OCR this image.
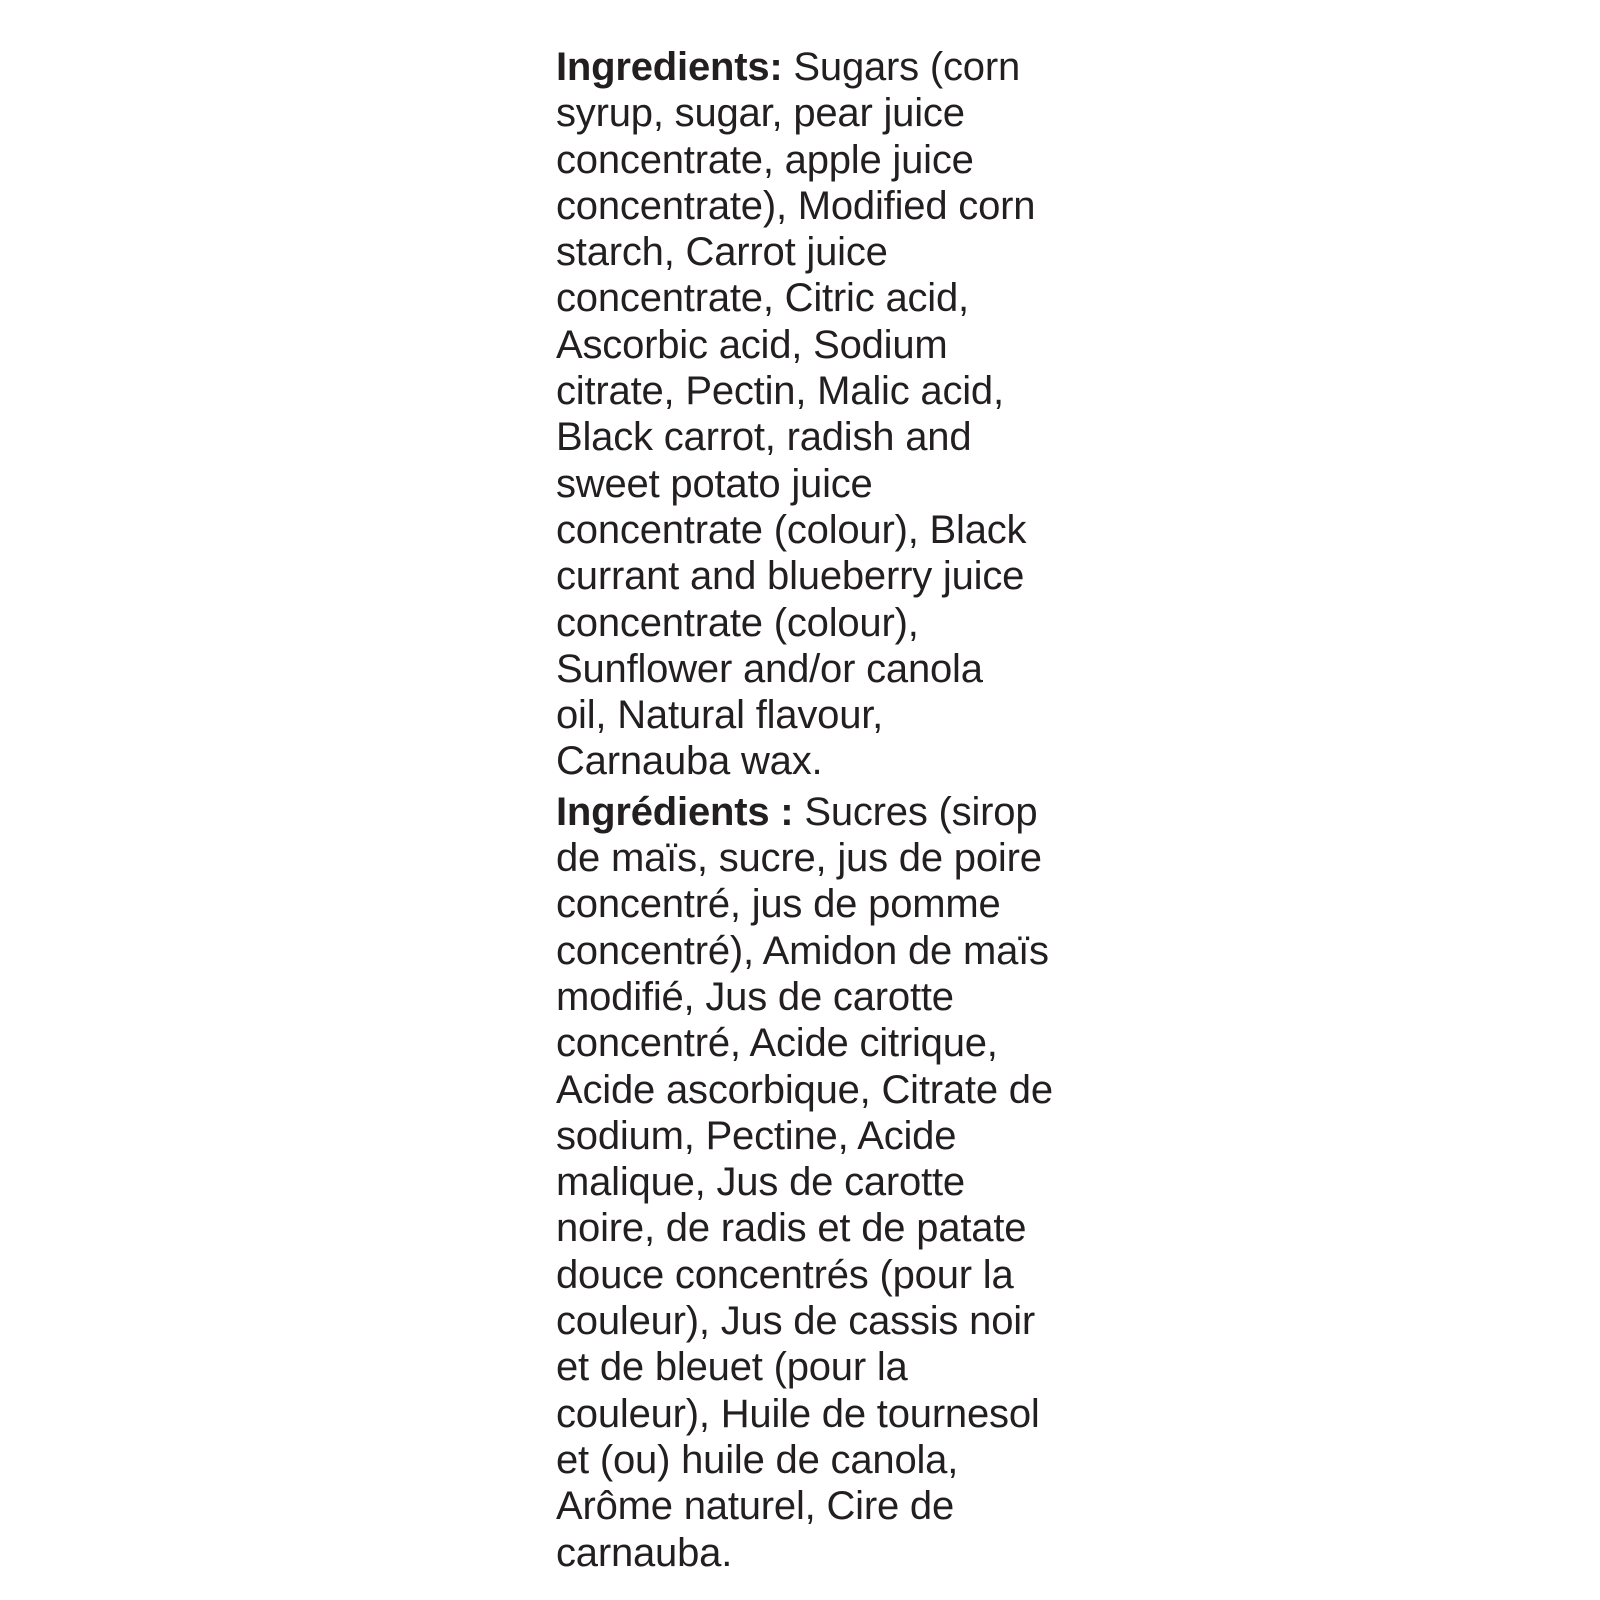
Ingredients: Sugars (corn
syrup, sugar, pear juice
concentrate, apple juice
concentrate), Modified corn
starch, Carrot juice
concentrate, Citric acid,
Ascorbic acid, Sodium
citrate, Pectin, Malic acid,
Black carrot, radish and
sweet potato juice
concentrate (colour), Black
currant and blueberry juice
concentrate (colour),
Sunflower and/or canola
oil, Natural flavour,
Carnauba wax.
Ingrédients : Sucres (sirop
de maïs, sucre, jus de poire
concentré, jus de pomme
concentré), Amidon de maïs
modifié, Jus de carotte
concentré, Acide citrique,
Acide ascorbique, Citrate de
sodium, Pectine, Acide
malique, Jus de carotte
noire, de radis et de patate
douce concentrés (pour la
couleur), Jus de cassis noir
et de bleuet (pour la
couleur), Huile de tournesol
et (ou) huile de canola,
Arôme naturel, Cire de
carnauba.
